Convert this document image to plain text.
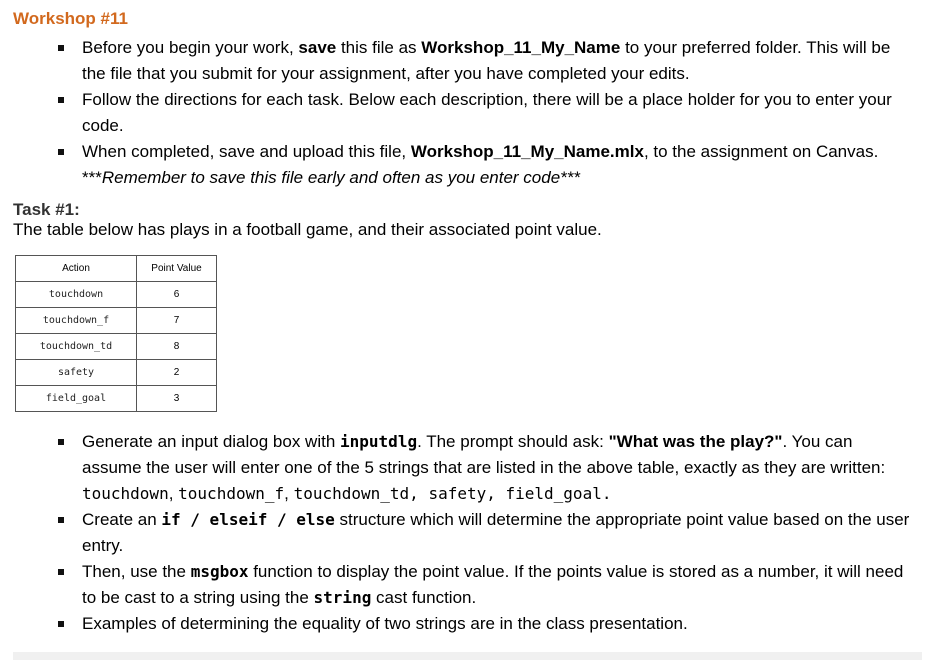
Workshop #11
Before you begin your work, save this file as Workshop_11_My_Name to your preferred folder. This will be the file that you submit for your assignment, after you have completed your edits.
Follow the directions for each task. Below each description, there will be a place holder for you to enter your code.
When completed, save and upload this file, Workshop_11_My_Name.mlx, to the assignment on Canvas. ***Remember to save this file early and often as you enter code***
Task #1:
The table below has plays in a football game, and their associated point value.
Action	Point Value
touchdown	6
touchdown_f	7
touchdown_td	8
safety	2
field_goal	3
Generate an input dialog box with inputdlg. The prompt should ask: "What was the play?". You can assume the user will enter one of the 5 strings that are listed in the above table, exactly as they are written: touchdown, touchdown_f, touchdown_td, safety, field_goal.
Create an if / elseif / else structure which will determine the appropriate point value based on the user entry.
Then, use the msgbox function to display the point value. If the points value is stored as a number, it will need to be cast to a string using the string cast function.
Examples of determining the equality of two strings are in the class presentation.
